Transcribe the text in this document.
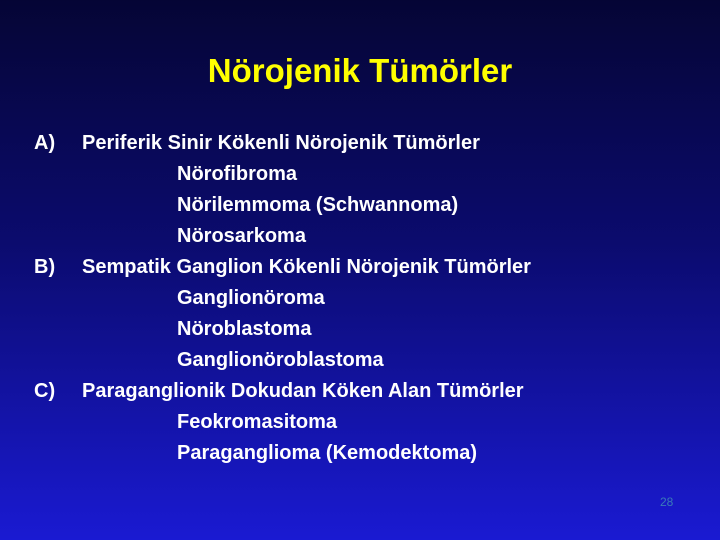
Nörojenik Tümörler
A) Periferik Sinir Kökenli Nörojenik Tümörler
Nörofibroma
Nörilemmoma (Schwannoma)
Nörosarkoma
B) Sempatik Ganglion Kökenli Nörojenik Tümörler
Ganglionöroma
Nöroblastoma
Ganglionöroblastoma
C) Paraganglionik Dokudan Köken Alan Tümörler
Feokromasitoma
Paraganglioma (Kemodektoma)
28
